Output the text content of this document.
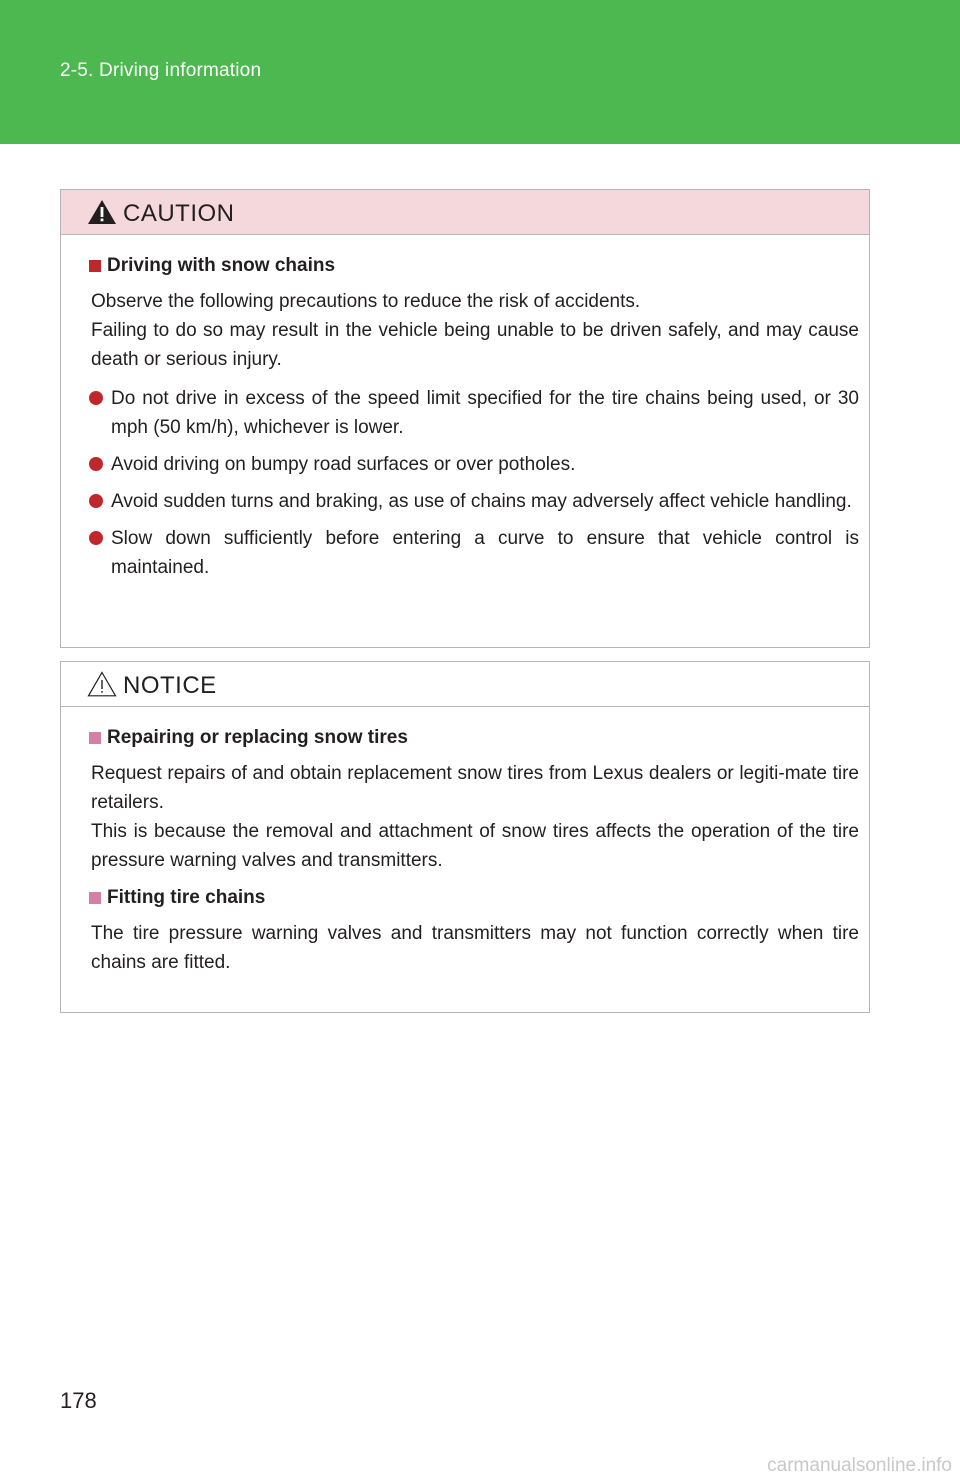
2-5. Driving information
CAUTION
Driving with snow chains

Observe the following precautions to reduce the risk of accidents.
Failing to do so may result in the vehicle being unable to be driven safely, and may cause death or serious injury.

Do not drive in excess of the speed limit specified for the tire chains being used, or 30 mph (50 km/h), whichever is lower.
Avoid driving on bumpy road surfaces or over potholes.
Avoid sudden turns and braking, as use of chains may adversely affect vehicle handling.
Slow down sufficiently before entering a curve to ensure that vehicle control is maintained.
NOTICE
Repairing or replacing snow tires

Request repairs of and obtain replacement snow tires from Lexus dealers or legiti-mate tire retailers.
This is because the removal and attachment of snow tires affects the operation of the tire pressure warning valves and transmitters.

Fitting tire chains

The tire pressure warning valves and transmitters may not function correctly when tire chains are fitted.

178
carmanualsonline.info
